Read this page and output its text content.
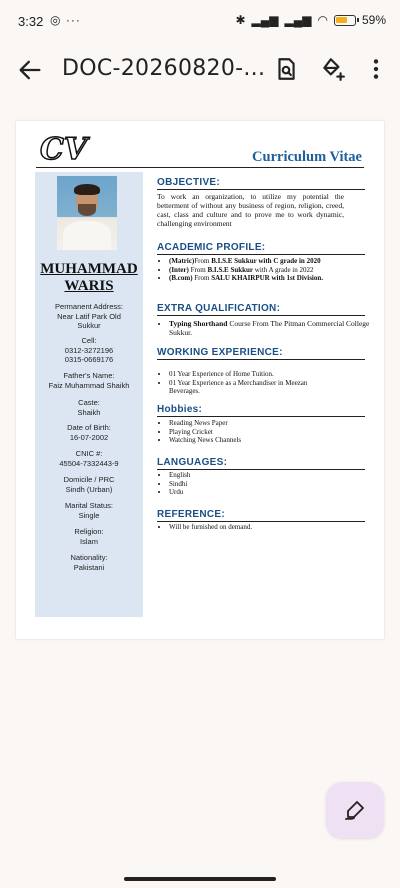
3:32 ◎ ···	✱ ▂▄▆ ▂▄▆ ◠	59%
DOC-20260820-...
CV	Curriculum Vitae
MUHAMMAD
WARIS
Permanent Address:
Near Latif Park Old
Sukkur
Cell:
0312-3272196
0315-0669176
Father's Name:
Faiz Muhammad Shaikh
Caste:
Shaikh
Date of Birth:
16-07-2002
CNIC #:
45504-7332443-9
Domicile / PRC
Sindh (Urban)
Marital Status:
Single
Religion:
Islam
Nationality:
Pakistani
OBJECTIVE:
To work an organization, to utilize my potential the betterment of without any business of region, religion, creed, cast, class and culture and to prove me to work dynamic, challenging environment
ACADEMIC PROFILE:
• (Matric)From B.I.S.E Sukkur with C grade in 2020
• (Inter) From B.I.S.E Sukkur with A grade in 2022
• (B.com) From SALU KHAIRPUR with 1st Division.
EXTRA QUALIFICATION:
• Typing Shorthand Course From The Pitman Commercial College Sukkur.
WORKING EXPERIENCE:
• 01 Year Experience of Home Tuition.
• 01 Year Experience as a Merchandiser in Meezan Beverages.
Hobbies:
• Reading News Paper
• Playing Cricket
• Watching News Channels
LANGUAGES:
• English
• Sindhi
• Urdu
REFERENCE:
• Will be furnished on demand.
